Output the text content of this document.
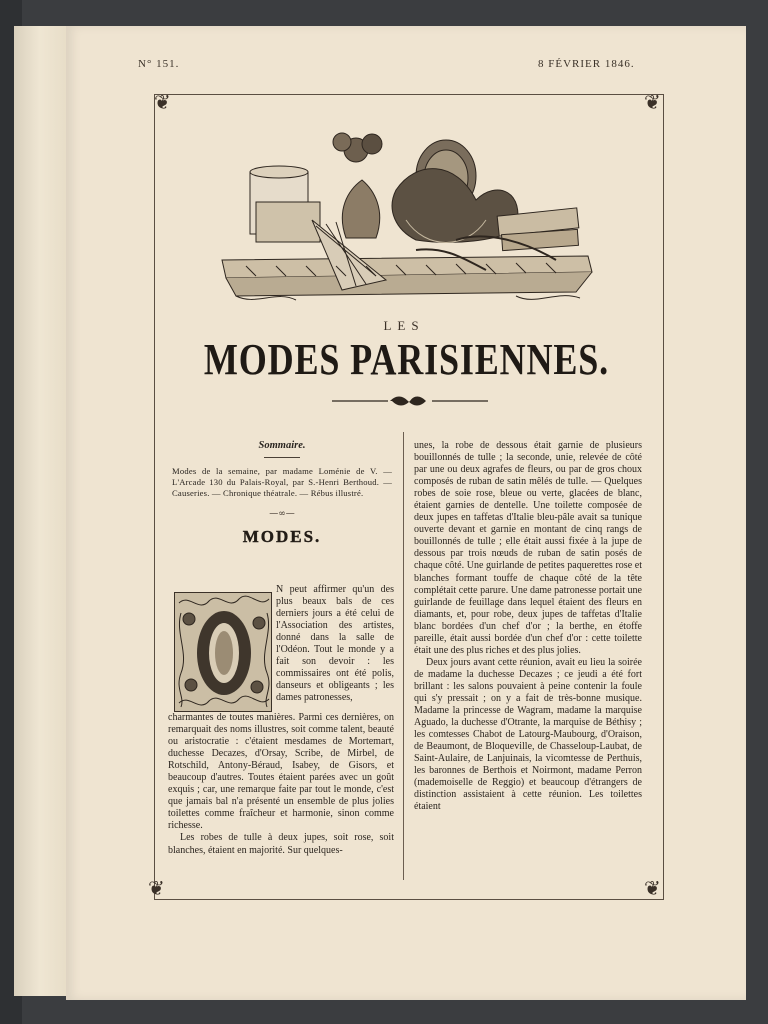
N° 151.	8 FÉVRIER 1846.
❦	❦
❦	❦
LES
MODES PARISIENNES.
Sommaire.
Modes de la semaine, par madame Loménie de V. — L'Arcade 130 du Palais-Royal, par S.-Henri Berthoud. — Causeries. — Chronique théatrale. — Rébus illustré.
—∞—
MODES.
N peut affirmer qu'un des plus beaux bals de ces derniers jours a été celui de l'Association des artistes, donné dans la salle de l'Odéon. Tout le monde y a fait son devoir : les commissaires ont été polis, danseurs et obligeants ; les dames patronesses,

charmantes de toutes manières. Parmi ces dernières, on remarquait des noms illustres, soit comme talent, beauté ou aristocratie : c'étaient mesdames de Mortemart, duchesse Decazes, d'Orsay, Scribe, de Mirbel, de Rotschild, Antony-Béraud, Isabey, de Gisors, et beaucoup d'autres. Toutes étaient parées avec un goût exquis ; car, une remarque faite par tout le monde, c'est que jamais bal n'a présenté un ensemble de plus jolies toilettes comme fraîcheur et harmonie, sinon comme richesse.

Les robes de tulle à deux jupes, soit rose, soit blanches, étaient en majorité. Sur quelques-

unes, la robe de dessous était garnie de plusieurs bouillonnés de tulle ; la seconde, unie, relevée de côté par une ou deux agrafes de fleurs, ou par de gros choux composés de ruban de satin mêlés de tulle. — Quelques robes de soie rose, bleue ou verte, glacées de blanc, étaient garnies de dentelle. Une toilette composée de deux jupes en taffetas d'Italie bleu-pâle avait sa tunique ouverte devant et garnie en montant de cinq rangs de bouillonnés de tulle ; elle était aussi fixée à la jupe de dessous par trois nœuds de ruban de satin posés de chaque côté. Une guirlande de petites paquerettes rose et blanches formant touffe de chaque côté de la tête complétait cette parure. Une dame patronesse portait une guirlande de feuillage dans lequel étaient des fleurs en diamants, et, pour robe, deux jupes de taffetas d'Italie blanc bordées d'un chef d'or ; la berthe, en étoffe pareille, était aussi bordée d'un chef d'or : cette toilette était une des plus riches et des plus jolies.

Deux jours avant cette réunion, avait eu lieu la soirée de madame la duchesse Decazes ; ce jeudi a été fort brillant : les salons pouvaient à peine contenir la foule qui s'y pressait ; on y a fait de très-bonne musique. Madame la princesse de Wagram, madame la marquise Aguado, la duchesse d'Otrante, la marquise de Béthisy ; les comtesses Chabot de Latourg-Maubourg, d'Oraison, de Beaumont, de Bloqueville, de Chasseloup-Laubat, de Saint-Aulaire, de Lanjuinais, la vicomtesse de Perthuis, les baronnes de Berthois et Noirmont, madame Perron (mademoiselle de Reggio) et beaucoup d'étrangers de distinction assistaient à cette réunion. Les toilettes étaient
